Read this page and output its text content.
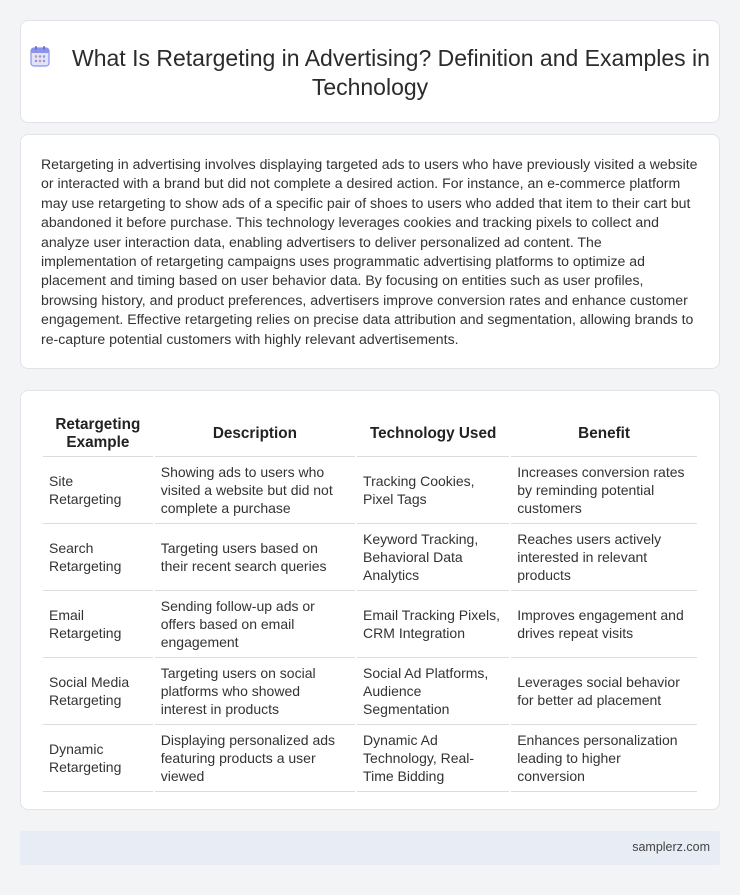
What Is Retargeting in Advertising? Definition and Examples in Technology

Retargeting in advertising involves displaying targeted ads to users who have previously visited a website or interacted with a brand but did not complete a desired action. For instance, an e-commerce platform may use retargeting to show ads of a specific pair of shoes to users who added that item to their cart but abandoned it before purchase. This technology leverages cookies and tracking pixels to collect and analyze user interaction data, enabling advertisers to deliver personalized ad content. The implementation of retargeting campaigns uses programmatic advertising platforms to optimize ad placement and timing based on user behavior data. By focusing on entities such as user profiles, browsing history, and product preferences, advertisers improve conversion rates and enhance customer engagement. Effective retargeting relies on precise data attribution and segmentation, allowing brands to re-capture potential customers with highly relevant advertisements.

Retargeting Example	Description	Technology Used	Benefit
Site Retargeting	Showing ads to users who visited a website but did not complete a purchase	Tracking Cookies, Pixel Tags	Increases conversion rates by reminding potential customers
Search Retargeting	Targeting users based on their recent search queries	Keyword Tracking, Behavioral Data Analytics	Reaches users actively interested in relevant products
Email Retargeting	Sending follow-up ads or offers based on email engagement	Email Tracking Pixels, CRM Integration	Improves engagement and drives repeat visits
Social Media Retargeting	Targeting users on social platforms who showed interest in products	Social Ad Platforms, Audience Segmentation	Leverages social behavior for better ad placement
Dynamic Retargeting	Displaying personalized ads featuring products a user viewed	Dynamic Ad Technology, Real-Time Bidding	Enhances personalization leading to higher conversion
samplerz.com
